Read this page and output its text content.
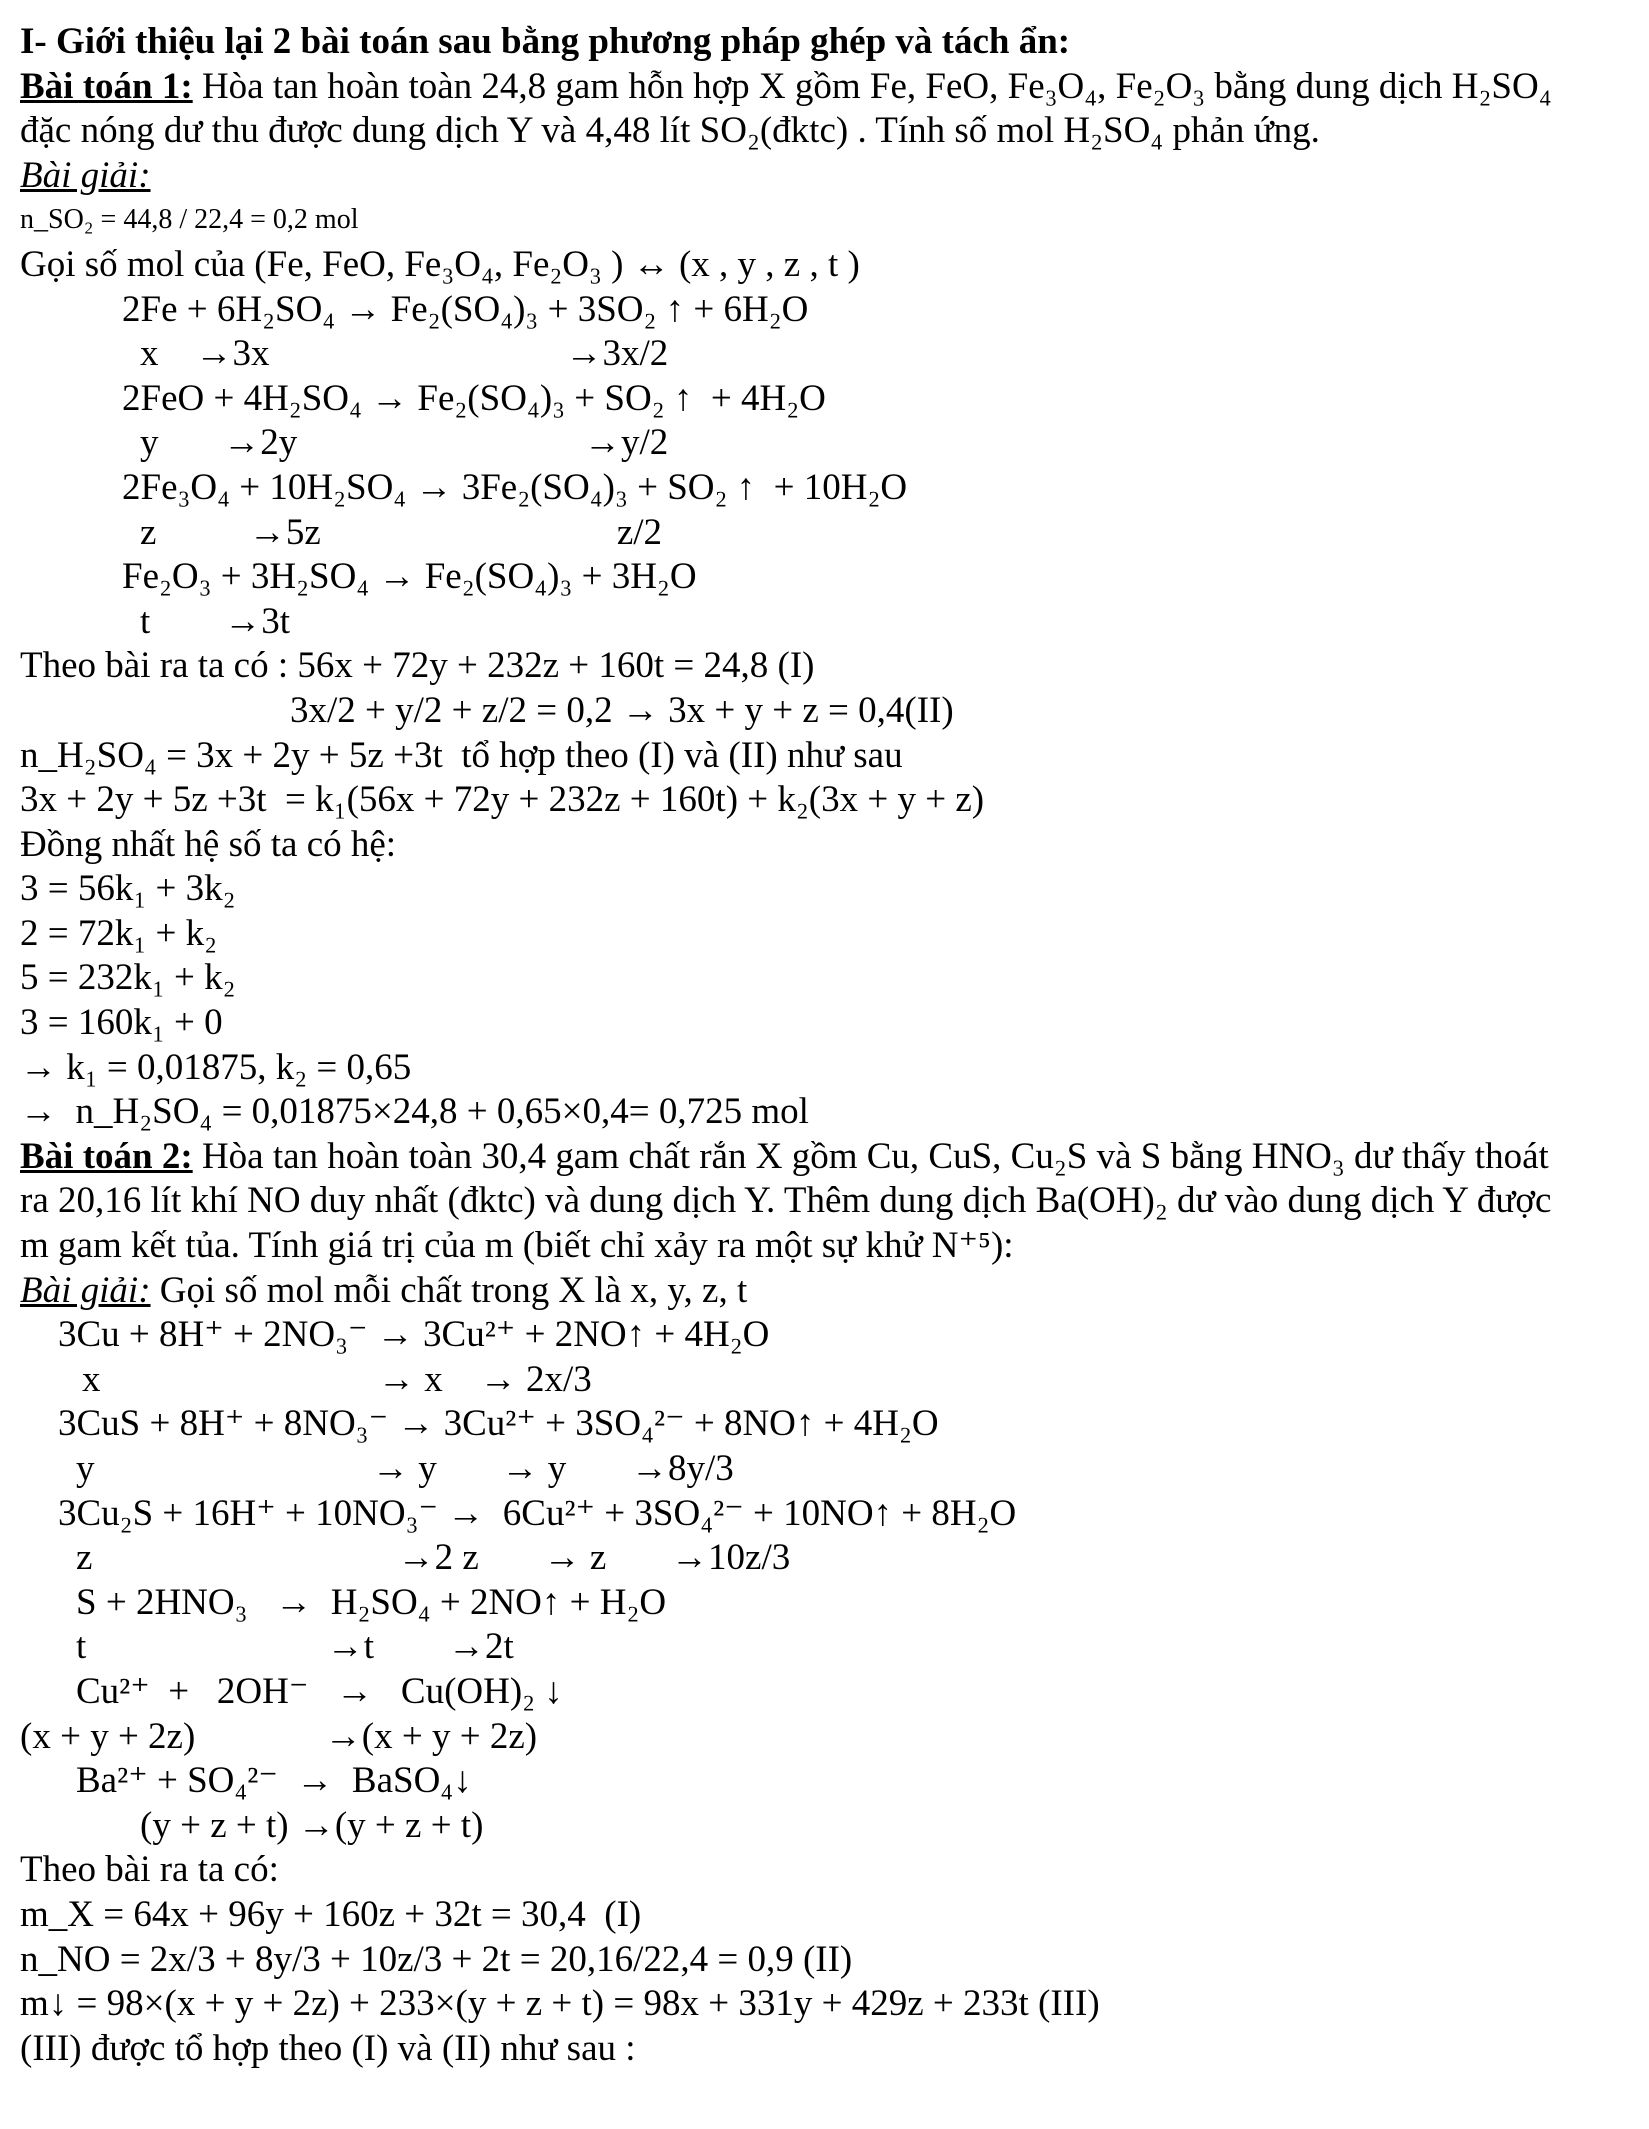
I- Giới thiệu lại 2 bài toán sau bằng phương pháp ghép và tách ẩn:
Bài toán 1: Hòa tan hoàn toàn 24,8 gam hỗn hợp X gồm Fe, FeO, Fe₃O₄, Fe₂O₃ bằng dung dịch H₂SO₄
đặc nóng dư thu được dung dịch Y và 4,48 lít SO₂(đktc) . Tính số mol H₂SO₄ phản ứng.
Bài giải:
n_SO₂ = 44,8 / 22,4 = 0,2 mol
Gọi số mol của (Fe, FeO, Fe₃O₄, Fe₂O₃ ) ↔ (x , y , z , t )
2Fe + 6H₂SO₄ → Fe₂(SO₄)₃ + 3SO₂ ↑ + 6H₂O
x    →3x                                →3x/2
2FeO + 4H₂SO₄ → Fe₂(SO₄)₃ + SO₂ ↑  + 4H₂O
y       →2y                               →y/2
2Fe₃O₄ + 10H₂SO₄ → 3Fe₂(SO₄)₃ + SO₂ ↑  + 10H₂O
z          →5z                                z/2
Fe₂O₃ + 3H₂SO₄ → Fe₂(SO₄)₃ + 3H₂O
t        →3t
Theo bài ra ta có : 56x + 72y + 232z + 160t = 24,8 (I)
3x/2 + y/2 + z/2 = 0,2 → 3x + y + z = 0,4(II)
n_H₂SO₄ = 3x + 2y + 5z +3t  tổ hợp theo (I) và (II) như sau
3x + 2y + 5z +3t  = k₁(56x + 72y + 232z + 160t) + k₂(3x + y + z)
Đồng nhất hệ số ta có hệ:
3 = 56k₁ + 3k₂
2 = 72k₁ + k₂
5 = 232k₁ + k₂
3 = 160k₁ + 0
→ k₁ = 0,01875, k₂ = 0,65
→  n_H₂SO₄ = 0,01875×24,8 + 0,65×0,4= 0,725 mol
Bài toán 2: Hòa tan hoàn toàn 30,4 gam chất rắn X gồm Cu, CuS, Cu₂S và S bằng HNO₃ dư thấy thoát
ra 20,16 lít khí NO duy nhất (đktc) và dung dịch Y. Thêm dung dịch Ba(OH)₂ dư vào dung dịch Y được
m gam kết tủa. Tính giá trị của m (biết chỉ xảy ra một sự khử N⁺⁵):
Bài giải: Gọi số mol mỗi chất trong X là x, y, z, t
3Cu + 8H⁺ + 2NO₃⁻ → 3Cu²⁺ + 2NO↑ + 4H₂O
x                              → x    → 2x/3
3CuS + 8H⁺ + 8NO₃⁻ → 3Cu²⁺ + 3SO₄²⁻ + 8NO↑ + 4H₂O
y                              → y       → y       →8y/3
3Cu₂S + 16H⁺ + 10NO₃⁻ →  6Cu²⁺ + 3SO₄²⁻ + 10NO↑ + 8H₂O
z                                 →2 z       → z       →10z/3
S + 2HNO₃   →  H₂SO₄ + 2NO↑ + H₂O
t                          →t        →2t
Cu²⁺  +   2OH⁻   →   Cu(OH)₂ ↓
(x + y + 2z)              →(x + y + 2z)
Ba²⁺ + SO₄²⁻  →  BaSO₄↓
(y + z + t) →(y + z + t)
Theo bài ra ta có:
m_X = 64x + 96y + 160z + 32t = 30,4  (I)
n_NO = 2x/3 + 8y/3 + 10z/3 + 2t = 20,16/22,4 = 0,9 (II)
m↓ = 98×(x + y + 2z) + 233×(y + z + t) = 98x + 331y + 429z + 233t (III)
(III) được tổ hợp theo (I) và (II) như sau :
